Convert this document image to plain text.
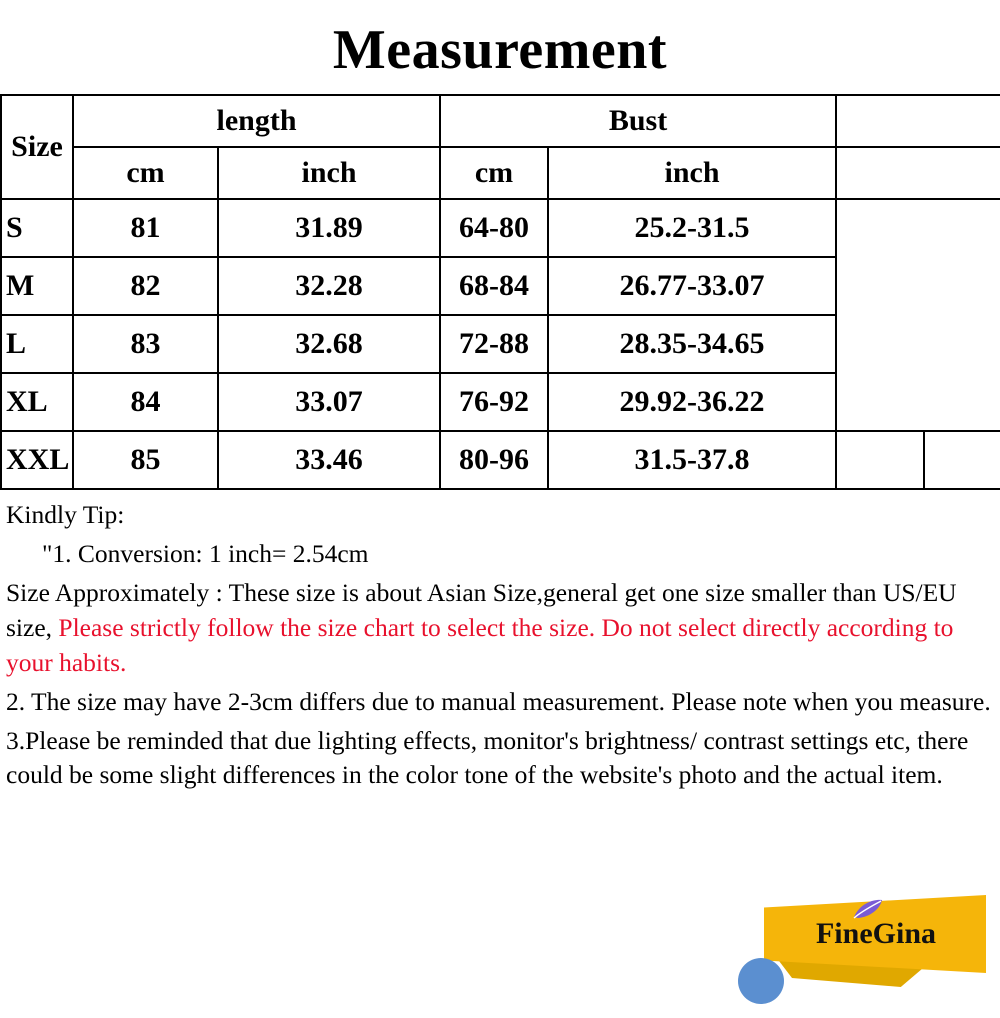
Measurement
Size	length		Bust			
	cm	inch	cm	inch		
S	81	31.89	64-80	25.2-31.5		
M	82	32.28	68-84	26.77-33.07		
L	83	32.68	72-88	28.35-34.65		
XL	84	33.07	76-92	29.92-36.22		
XXL	85	33.46	80-96	31.5-37.8		

Kindly Tip:

"1. Conversion: 1 inch= 2.54cm

Size Approximately : These size is about Asian Size,general get one size smaller than US/EU size, Please strictly follow the size chart to select the size. Do not select directly according to your habits.

2. The size may have 2-3cm differs due to manual measurement. Please note when you measure.

3.Please be reminded that due lighting effects, monitor's brightness/ contrast settings etc, there could be some slight differences in the color tone of the website's photo and the actual item.

FineGina
